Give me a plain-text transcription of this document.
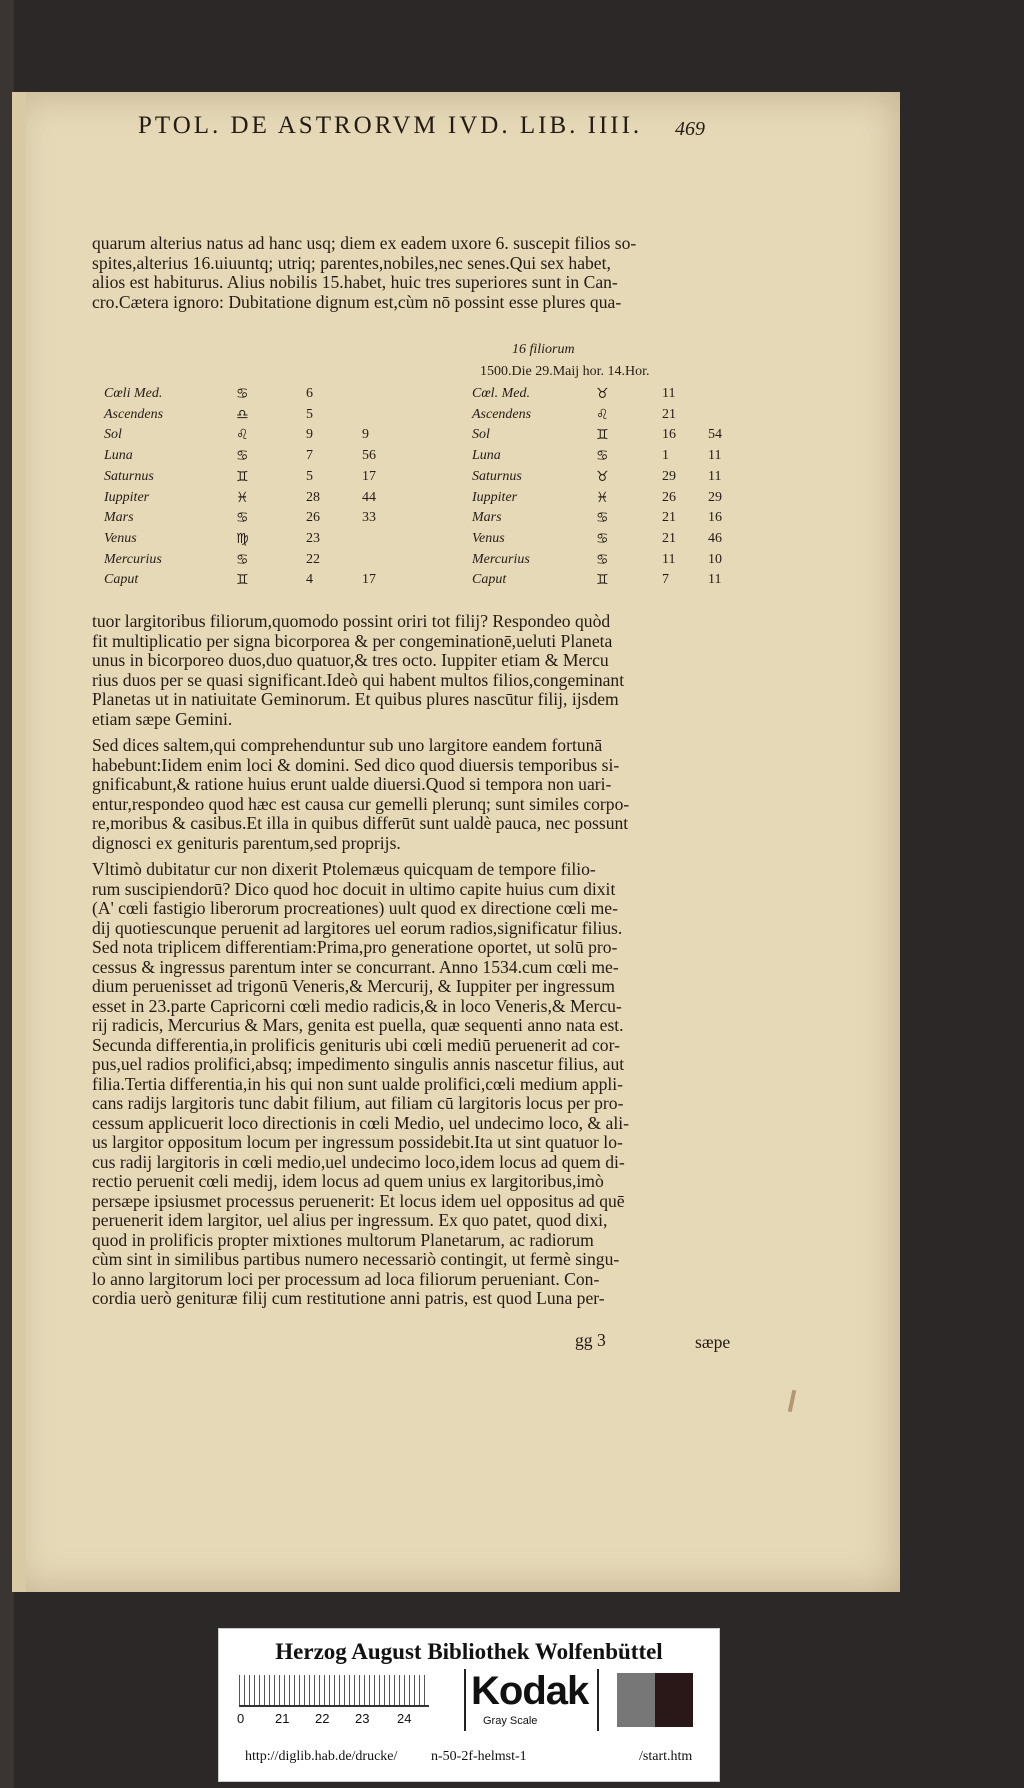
PTOL. DE ASTRORVM IVD. LIB. IIII.	469
quarum alterius natus ad hanc usq; diem ex eadem uxore 6. suscepit filios so-
spites,alterius 16.uiuuntq; utriq; parentes,nobiles,nec senes.Qui sex habet,
alios est habiturus. Alius nobilis 15.habet, huic tres superiores sunt in Can-
cro.Cætera ignoro: Dubitatione dignum est,cùm nō possint esse plures qua-
16 filiorum
1500.Die 29.Maij hor. 14.Hor.
Cœli Med.	♋	6
Ascendens	♎	5
Sol	♌	9	9
Luna	♋	7	56
Saturnus	♊	5	17
Iuppiter	♓	28	44
Mars	♋	26	33
Venus	♍	23
Mercurius	♋	22
Caput	♊	4	17
Cœl. Med.	♉	11
Ascendens	♌	21
Sol	♊	16 54
Luna	♋	1	11
Saturnus	♉	29 11
Iuppiter	♓	26 29
Mars	♋	21 16
Venus	♋	21 46
Mercurius	♋	11 10
Caput	♊	7	11
tuor largitoribus filiorum,quomodo possint oriri tot filij? Respondeo quòd
fit multiplicatio per signa bicorporea & per congeminationē,ueluti Planeta
unus in bicorporeo duos,duo quatuor,& tres octo. Iuppiter etiam & Mercu
rius duos per se quasi significant.Ideò qui habent multos filios,congeminant
Planetas ut in natiuitate Geminorum. Et quibus plures nascūtur filij, ijsdem
etiam sæpe Gemini.
Sed dices saltem,qui comprehenduntur sub uno largitore eandem fortunā
habebunt:Iidem enim loci & domini. Sed dico quod diuersis temporibus si-
gnificabunt,& ratione huius erunt ualde diuersi.Quod si tempora non uari-
entur,respondeo quod hæc est causa cur gemelli plerunq; sunt similes corpo-
re,moribus & casibus.Et illa in quibus differūt sunt ualdè pauca, nec possunt
dignosci ex genituris parentum,sed proprijs.
Vltimò dubitatur cur non dixerit Ptolemæus quicquam de tempore filio-
rum suscipiendorū? Dico quod hoc docuit in ultimo capite huius cum dixit
(A' cœli fastigio liberorum procreationes) uult quod ex directione cœli me-
dij quotiescunque peruenit ad largitores uel eorum radios,significatur filius.
Sed nota triplicem differentiam:Prima,pro generatione oportet, ut solū pro-
cessus & ingressus parentum inter se concurrant. Anno 1534.cum cœli me-
dium peruenisset ad trigonū Veneris,& Mercurij, & Iuppiter per ingressum
esset in 23.parte Capricorni cœli medio radicis,& in loco Veneris,& Mercu-
rij radicis, Mercurius & Mars, genita est puella, quæ sequenti anno nata est.
Secunda differentia,in prolificis genituris ubi cœli mediū peruenerit ad cor-
pus,uel radios prolifici,absq; impedimento singulis annis nascetur filius, aut
filia.Tertia differentia,in his qui non sunt ualde prolifici,cœli medium appli-
cans radijs largitoris tunc dabit filium, aut filiam cū largitoris locus per pro-
cessum applicuerit loco directionis in cœli Medio, uel undecimo loco, & ali-
us largitor oppositum locum per ingressum possidebit.Ita ut sint quatuor lo-
cus radij largitoris in cœli medio,uel undecimo loco,idem locus ad quem di-
rectio peruenit cœli medij, idem locus ad quem unius ex largitoribus,imò
persæpe ipsiusmet processus peruenerit: Et locus idem uel oppositus ad quē
peruenerit idem largitor, uel alius per ingressum. Ex quo patet, quod dixi,
quod in prolificis propter mixtiones multorum Planetarum, ac radiorum
cùm sint in similibus partibus numero necessariò contingit, ut fermè singu-
lo anno largitorum loci per processum ad loca filiorum perueniant. Con-
cordia uerò genituræ filij cum restitutione anni patris, est quod Luna per-
gg 3	sæpe
Herzog August Bibliothek Wolfenbüttel
0 21 22 23 24
Kodak
Gray Scale
http://diglib.hab.de/drucke/ n-50-2f-helmst-1	/start.htm
